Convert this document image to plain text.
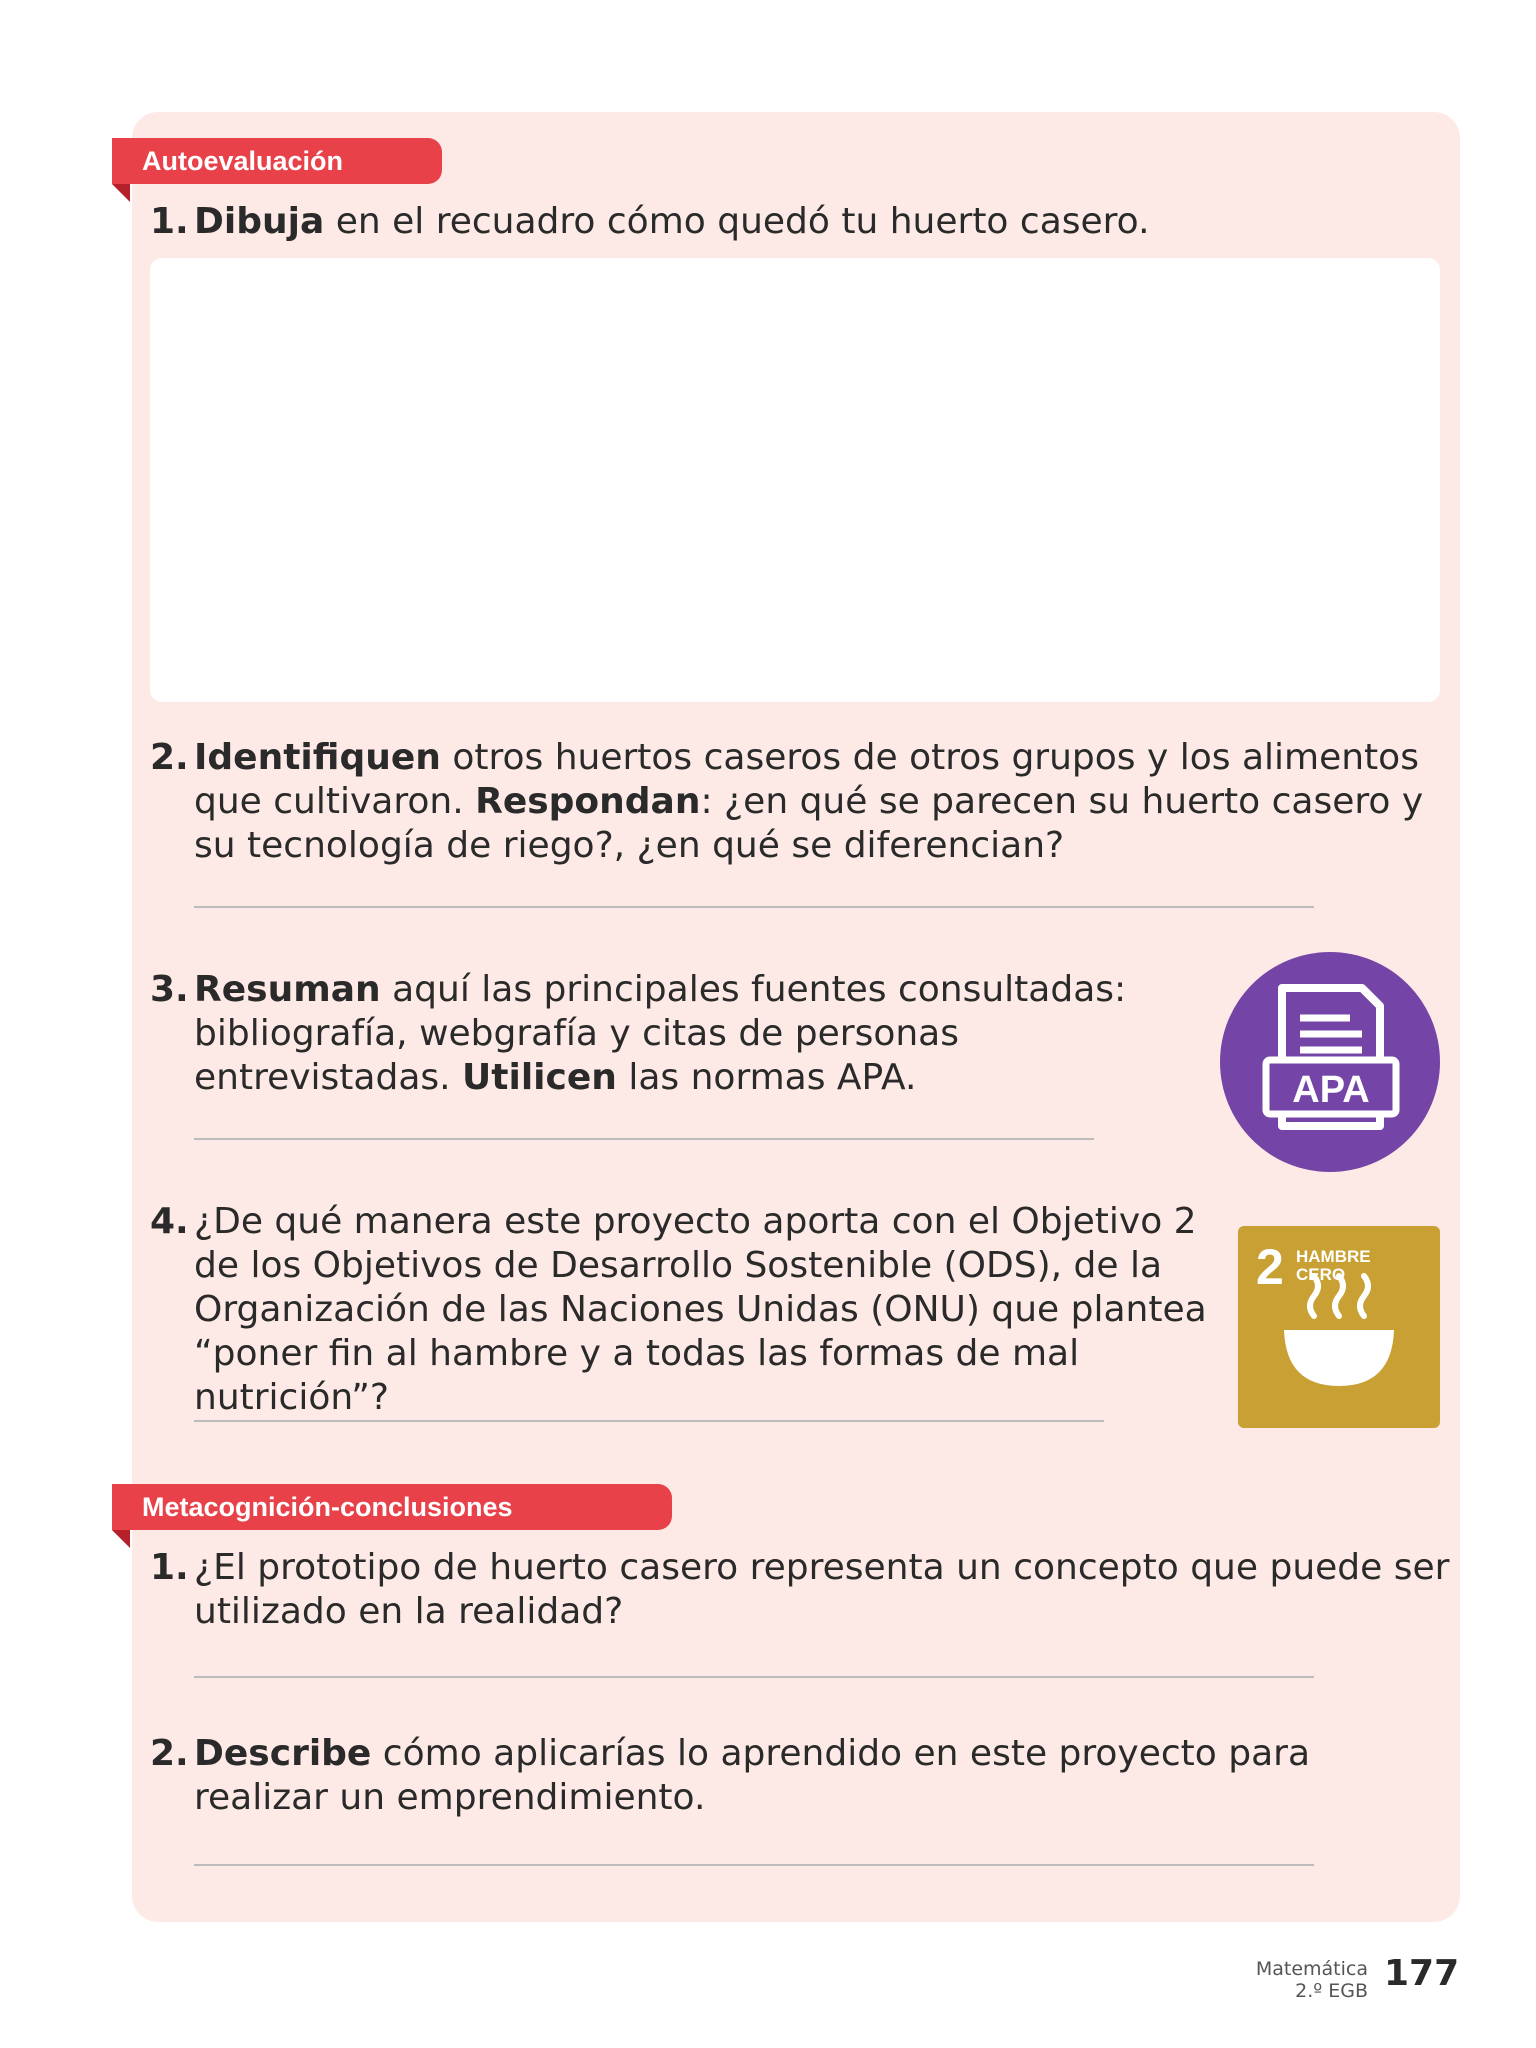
Autoevaluación
1. Dibuja en el recuadro cómo quedó tu huerto casero.
2. Identifiquen otros huertos caseros de otros grupos y los alimentos que cultivaron. Respondan: ¿en qué se parecen su huerto casero y su tecnología de riego?, ¿en qué se diferencian?
3. Resuman aquí las principales fuentes consultadas: bibliografía, webgrafía y citas de personas entrevistadas. Utilicen las normas APA.	APA
4. ¿De qué manera este proyecto aporta con el Objetivo 2 de los Objetivos de Desarrollo Sostenible (ODS), de la Organización de las Naciones Unidas (ONU) que plantea “poner fin al hambre y a todas las formas de mal nutrición”?
2 HAMBRE CERO
Metacognición-conclusiones
1. ¿El prototipo de huerto casero representa un concepto que puede ser utilizado en la realidad?
2. Describe cómo aplicarías lo aprendido en este proyecto para realizar un emprendimiento.
Matemática
2.º EGB 177
